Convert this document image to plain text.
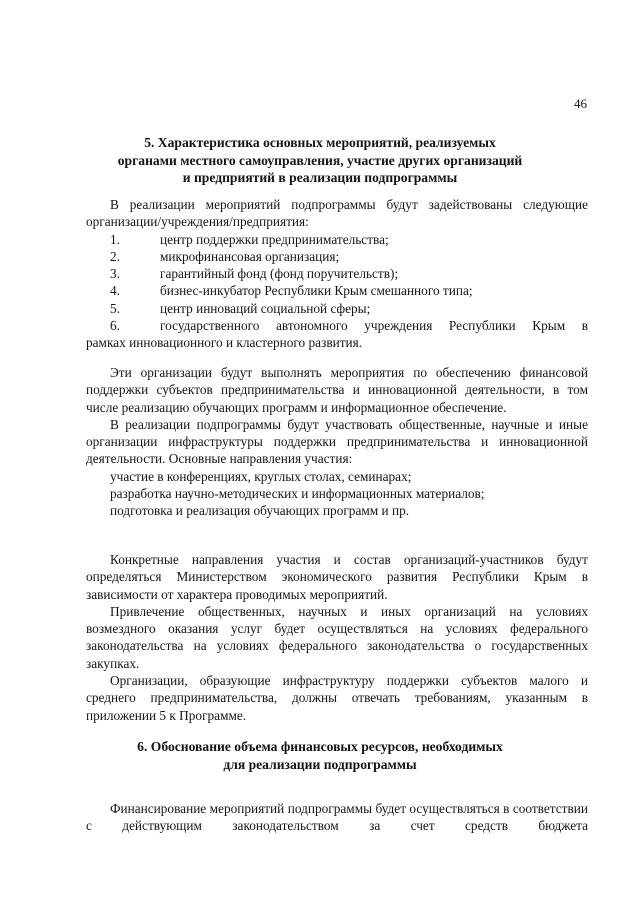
46
5. Характеристика основных мероприятий, реализуемых
органами местного самоуправления, участие других организаций
и предприятий в реализации подпрограммы

В реализации мероприятий подпрограммы будут задействованы следующие организации/учреждения/предприятия:

1.	центр поддержки предпринимательства;
2.	микрофинансовая организация;
3.	гарантийный фонд (фонд поручительств);
4.	бизнес-инкубатор Республики Крым смешанного типа;
5.	центр инноваций социальной сферы;
6.	государственного автономного учреждения Республики Крым в
рамках инновационного и кластерного развития.

Эти организации будут выполнять мероприятия по обеспечению финансовой поддержки субъектов предпринимательства и инновационной деятельности, в том числе реализацию обучающих программ и информационное обеспечение.

В реализации подпрограммы будут участвовать общественные, научные и иные организации инфраструктуры поддержки предпринимательства и инновационной деятельности. Основные направления участия:

участие в конференциях, круглых столах, семинарах;
разработка научно-методических и информационных материалов;
подготовка и реализация обучающих программ и пр.

Конкретные направления участия и состав организаций-участников будут определяться Министерством экономического развития Республики Крым в зависимости от характера проводимых мероприятий.

Привлечение общественных, научных и иных организаций на условиях возмездного оказания услуг будет осуществляться на условиях федерального законодательства на условиях федерального законодательства о государственных закупках.

Организации, образующие инфраструктуру поддержки субъектов малого и среднего предпринимательства, должны отвечать требованиям, указанным в приложении 5 к Программе.

6. Обоснование объема финансовых ресурсов, необходимых
для реализации подпрограммы

Финансирование мероприятий подпрограммы будет осуществляться в соответствии с действующим законодательством за счет средств бюджета
